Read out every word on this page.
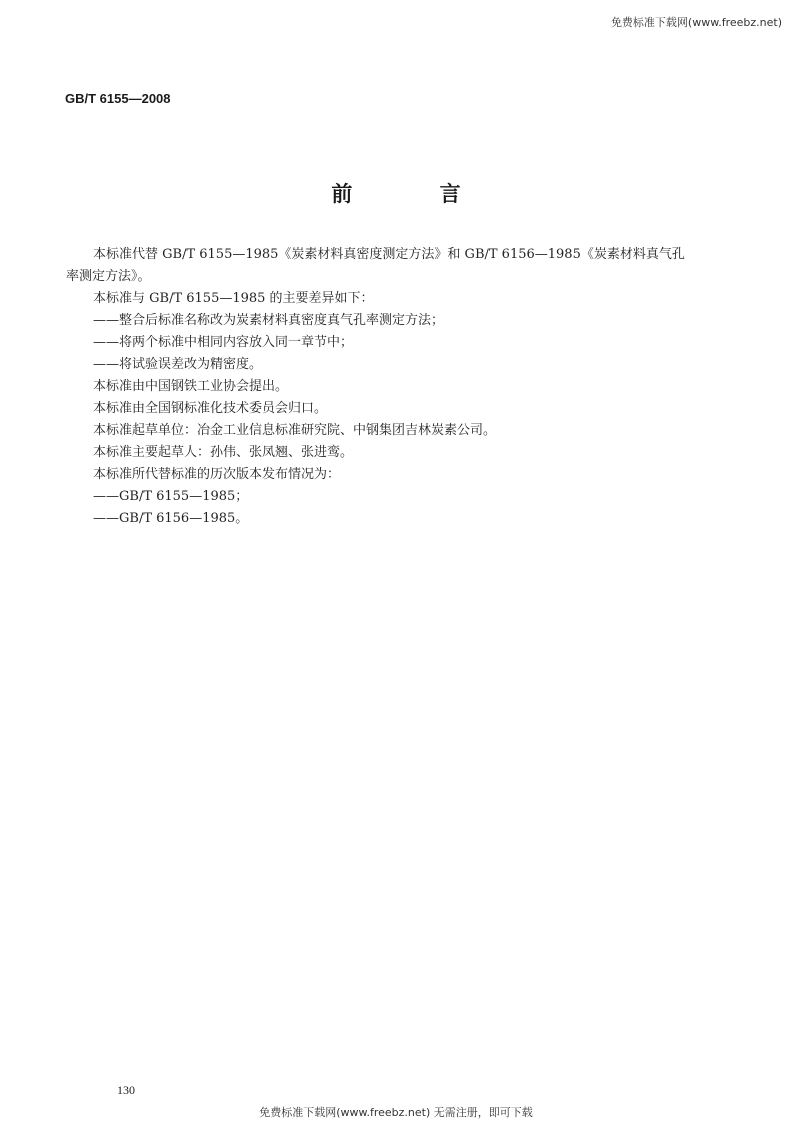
免费标准下载网(www.freebz.net)
GB/T 6155—2008
前 言

本标准代替 GB/T 6155—1985《炭素材料真密度测定方法》和 GB/T 6156—1985《炭素材料真气孔
率测定方法》。

本标准与 GB/T 6155—1985 的主要差异如下：

——整合后标准名称改为炭素材料真密度真气孔率测定方法；

——将两个标准中相同内容放入同一章节中；

——将试验误差改为精密度。

本标准由中国钢铁工业协会提出。

本标准由全国钢标准化技术委员会归口。

本标准起草单位：冶金工业信息标准研究院、中钢集团吉林炭素公司。

本标准主要起草人：孙伟、张凤翘、张进鸾。

本标准所代替标准的历次版本发布情况为：

——GB/T 6155—1985；

——GB/T 6156—1985。

130
免费标准下载网(www.freebz.net) 无需注册，即可下载
